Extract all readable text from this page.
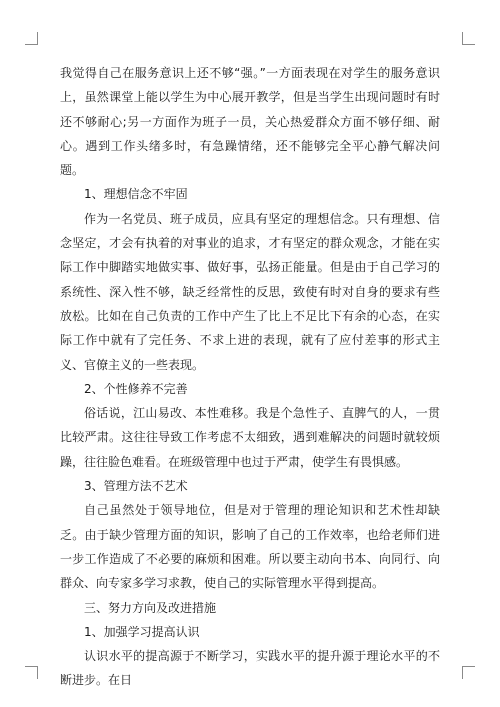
我觉得自己在服务意识上还不够“强。”一方面表现在对学生的服务意识上，虽然课堂上能以学生为中心展开教学，但是当学生出现问题时有时还不够耐心;另一方面作为班子一员，关心热爱群众方面不够仔细、耐心。遇到工作头绪多时，有急躁情绪，还不能够完全平心静气解决问题。

1、理想信念不牢固

作为一名党员、班子成员，应具有坚定的理想信念。只有理想、信念坚定，才会有执着的对事业的追求，才有坚定的群众观念，才能在实际工作中脚踏实地做实事、做好事，弘扬正能量。但是由于自己学习的系统性、深入性不够，缺乏经常性的反思，致使有时对自身的要求有些放松。比如在自己负责的工作中产生了比上不足比下有余的心态，在实际工作中就有了完任务、不求上进的表现，就有了应付差事的形式主义、官僚主义的一些表现。

2、个性修养不完善

俗话说，江山易改、本性难移。我是个急性子、直脾气的人，一贯比较严肃。这往往导致工作考虑不太细致，遇到难解决的问题时就较烦躁，往往脸色难看。在班级管理中也过于严肃，使学生有畏惧感。

3、管理方法不艺术

自己虽然处于领导地位，但是对于管理的理论知识和艺术性却缺乏。由于缺少管理方面的知识，影响了自己的工作效率，也给老师们进一步工作造成了不必要的麻烦和困难。所以要主动向书本、向同行、向群众、向专家多学习求教，使自己的实际管理水平得到提高。

三、努力方向及改进措施

1、加强学习提高认识

认识水平的提高源于不断学习，实践水平的提升源于理论水平的不断进步。在日
